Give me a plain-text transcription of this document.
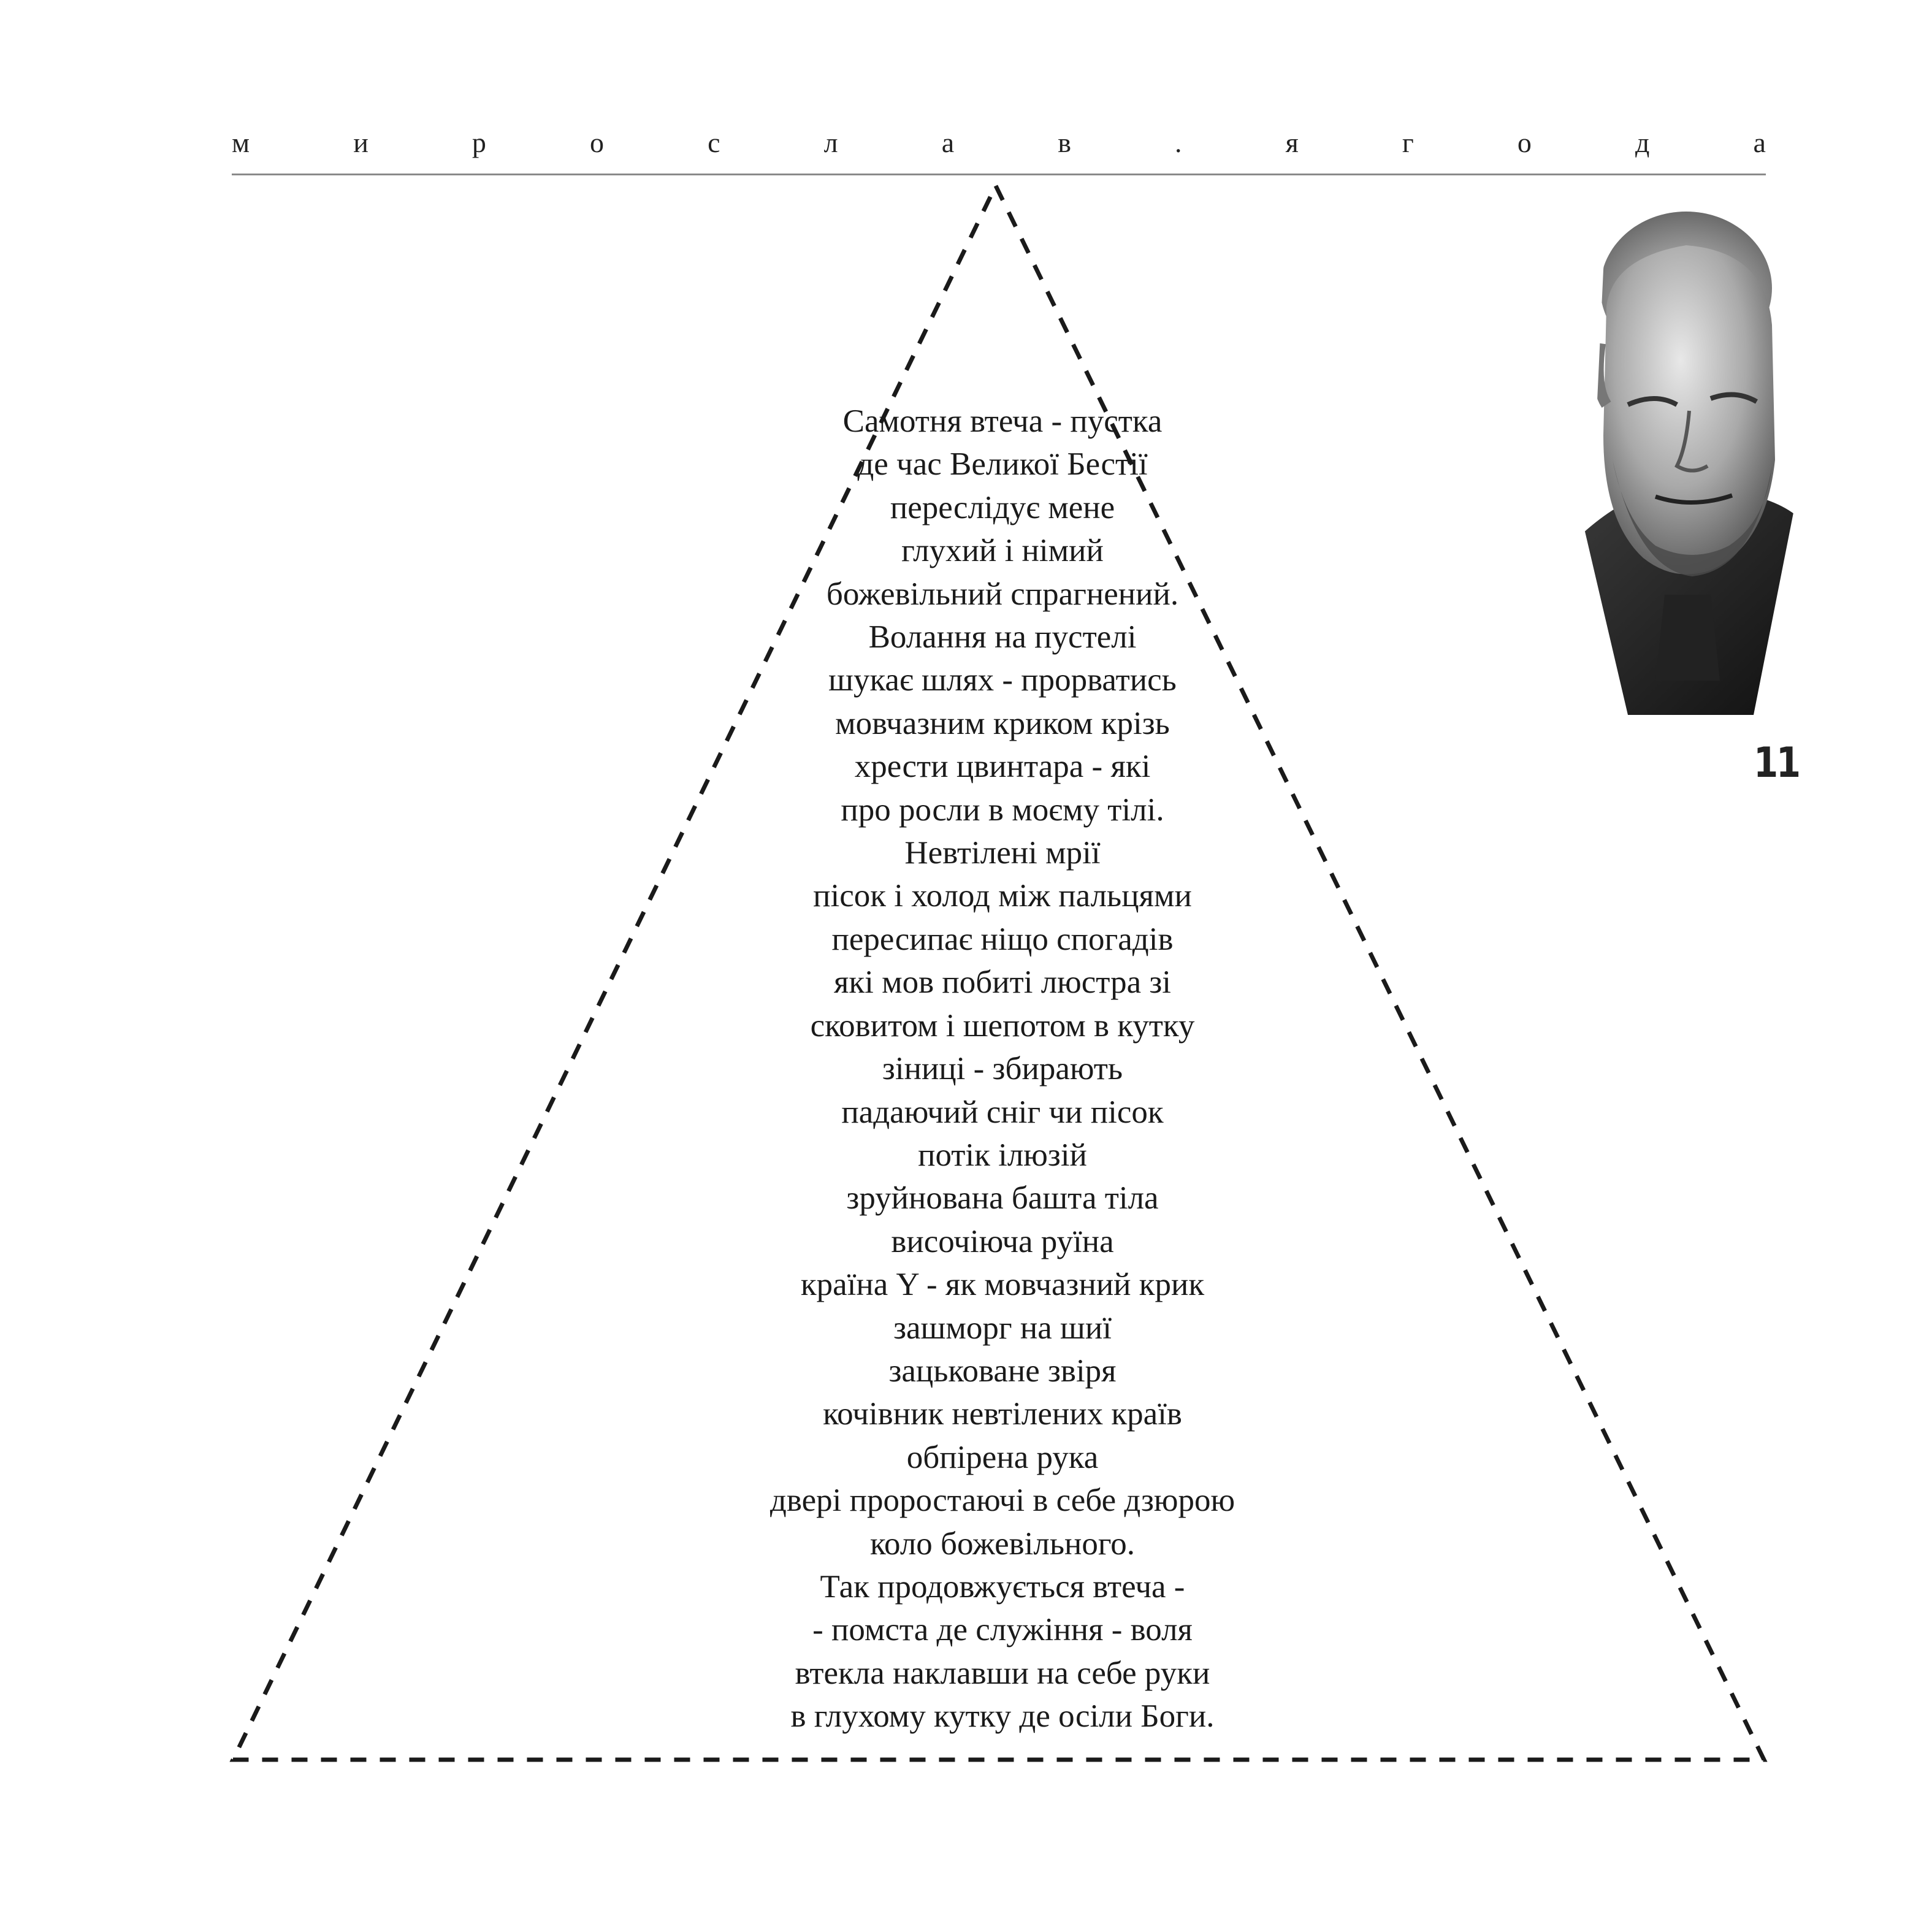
м	и	р	о	с	л	а	в	.	я	г	о	д	а
Самотня втеча - пустка
де час Великої Бестії
переслідує мене
глухий і німий
божевільний спрагнений.
Волання на пустелі
шукає шлях - прорватись
мовчазним криком крізь
хрести цвинтара - які
про росли в моєму тілі.
Невтілені мрії
пісок і холод між пальцями
пересипає ніщо спогадів
які мов побиті люстра зі
сковитом і шепотом в кутку
зіниці - збирають
падаючий сніг чи пісок
потік ілюзій
зруйнована башта тіла
височіюча руїна
країна Y - як мовчазний крик
зашморг на шиї
зацьковане звіря
кочівник невтілених країв
обпірена рука
двері проростаючі в себе дзюрою
коло божевільного.
Так продовжується втеча -
- помста де служіння - воля
втекла наклавши на себе руки
в глухому кутку де осіли Боги.
11
